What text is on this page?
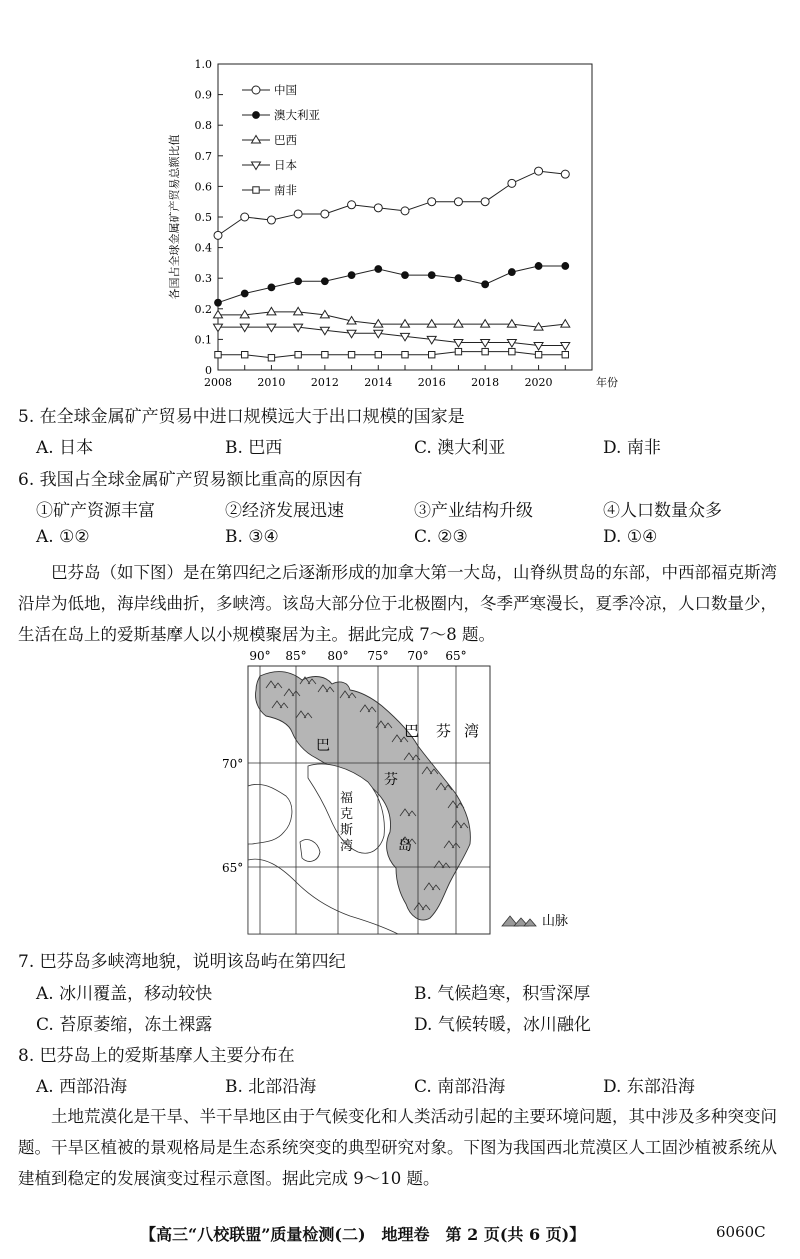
0
0.1
0.2
0.3
0.4
0.5
0.6
0.7
0.8
0.9
1.0
2008 2010 2012 2014 2016 2018 2020	年份
各国占全球金属矿产贸易总额比值
中国
澳大利亚
巴西
日本
南非
5. 在全球金属矿产贸易中进口规模远大于出口规模的国家是
A. 日本	B. 巴西	C. 澳大利亚	D. 南非
6. 我国占全球金属矿产贸易额比重高的原因有
①矿产资源丰富	②经济发展迅速	③产业结构升级	④人口数量众多
A. ①②	B. ③④	C. ②③	D. ①④

巴芬岛（如下图）是在第四纪之后逐渐形成的加拿大第一大岛，山脊纵贯岛的东部，中西部福克斯湾沿岸为低地，海岸线曲折，多峡湾。该岛大部分位于北极圈内，冬季严寒漫长，夏季冷凉，人口数量少，生活在岛上的爱斯基摩人以小规模聚居为主。据此完成 7～8 题。

90° 85° 80° 75° 70° 65°
70°
65°
巴 芬 湾
巴
芬
岛
福
克
斯
湾
山脉
7. 巴芬岛多峡湾地貌，说明该岛屿在第四纪
A. 冰川覆盖，移动较快	B. 气候趋寒，积雪深厚
C. 苔原萎缩，冻土裸露	D. 气候转暖，冰川融化
8. 巴芬岛上的爱斯基摩人主要分布在
A. 西部沿海	B. 北部沿海	C. 南部沿海	D. 东部沿海

土地荒漠化是干旱、半干旱地区由于气候变化和人类活动引起的主要环境问题，其中涉及多种突变问题。干旱区植被的景观格局是生态系统突变的典型研究对象。下图为我国西北荒漠区人工固沙植被系统从建植到稳定的发展演变过程示意图。据此完成 9～10 题。

【高三“八校联盟”质量检测(二)　地理卷　第 2 页(共 6 页)】	6060C
